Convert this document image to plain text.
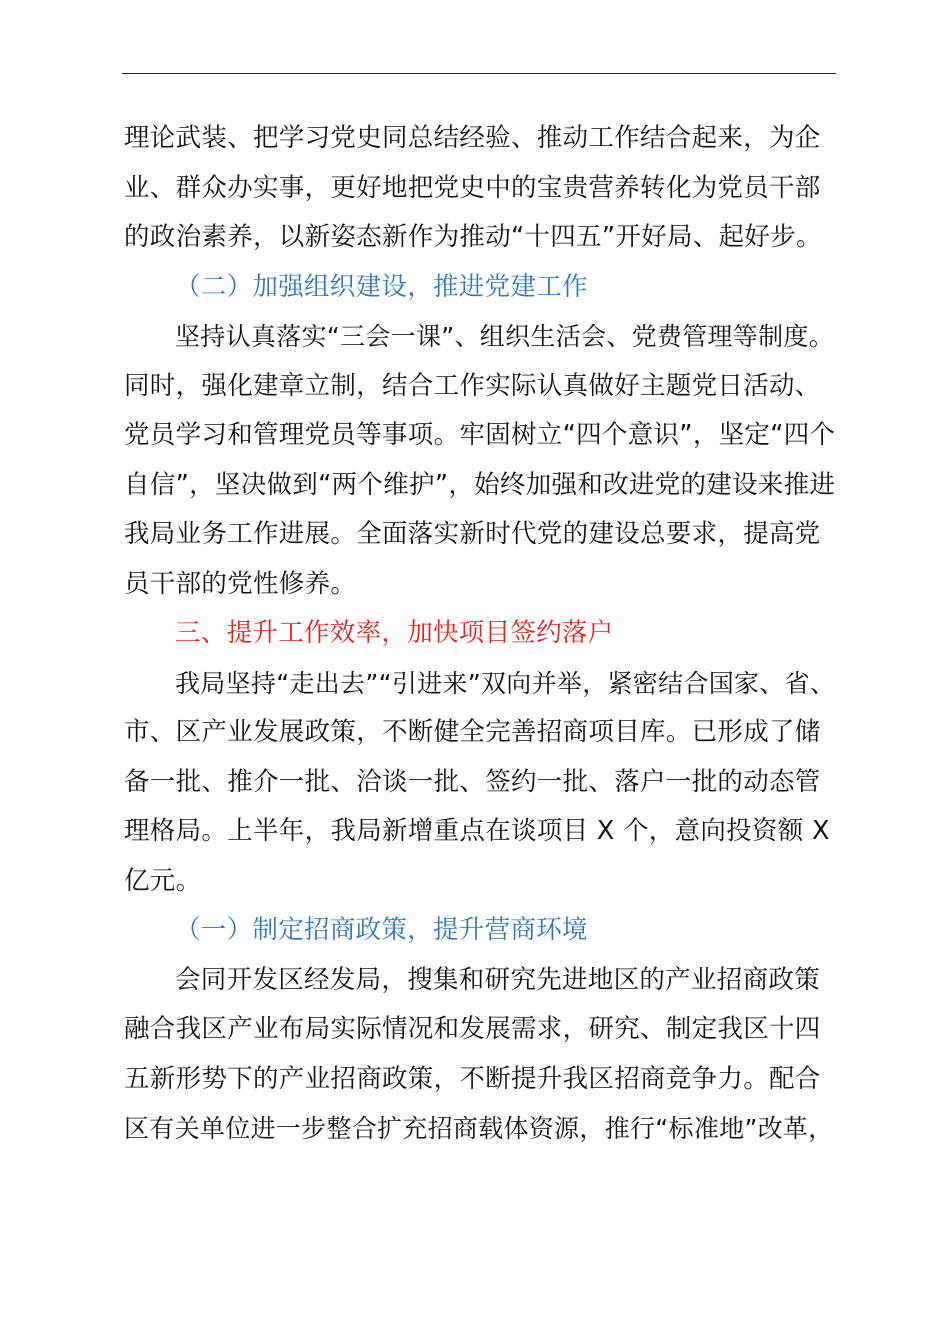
理论武装、把学习党史同总结经验、推动工作结合起来，为企
业、群众办实事，更好地把党史中的宝贵营养转化为党员干部
的政治素养，以新姿态新作为推动“十四五”开好局、起好步。
（二）加强组织建设，推进党建工作
坚持认真落实“三会一课”、组织生活会、党费管理等制度。
同时，强化建章立制，结合工作实际认真做好主题党日活动、
党员学习和管理党员等事项。牢固树立“四个意识”，坚定“四个
自信”，坚决做到“两个维护”，始终加强和改进党的建设来推进
我局业务工作进展。全面落实新时代党的建设总要求，提高党
员干部的党性修养。
三、提升工作效率，加快项目签约落户
我局坚持“走出去”“引进来”双向并举，紧密结合国家、省、
市、区产业发展政策，不断健全完善招商项目库。已形成了储
备一批、推介一批、洽谈一批、签约一批、落户一批的动态管
理格局。上半年，我局新增重点在谈项目 X 个，意向投资额 X
亿元。
（一）制定招商政策，提升营商环境
会同开发区经发局，搜集和研究先进地区的产业招商政策
融合我区产业布局实际情况和发展需求，研究、制定我区十四
五新形势下的产业招商政策，不断提升我区招商竞争力。配合
区有关单位进一步整合扩充招商载体资源，推行“标准地”改革，
